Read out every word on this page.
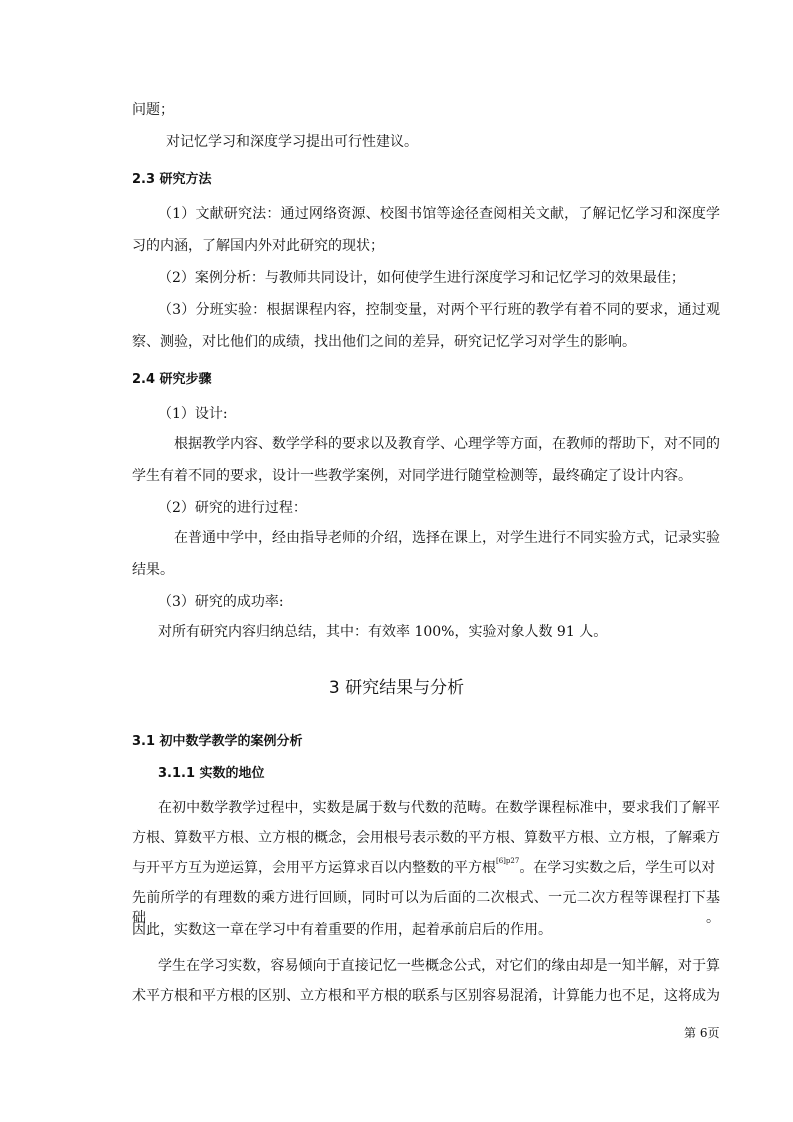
问题；
对记忆学习和深度学习提出可行性建议。
2.3 研究方法
（1）文献研究法：通过网络资源、校图书馆等途径查阅相关文献，了解记忆学习和深度学
习的内涵，了解国内外对此研究的现状；
（2）案例分析：与教师共同设计，如何使学生进行深度学习和记忆学习的效果最佳；
（3）分班实验：根据课程内容，控制变量，对两个平行班的教学有着不同的要求，通过观
察、测验，对比他们的成绩，找出他们之间的差异，研究记忆学习对学生的影响。
2.4 研究步骤
（1）设计:
根据教学内容、数学学科的要求以及教育学、心理学等方面，在教师的帮助下，对不同的
学生有着不同的要求，设计一些教学案例，对同学进行随堂检测等，最终确定了设计内容。
（2）研究的进行过程：
在普通中学中，经由指导老师的介绍，选择在课上，对学生进行不同实验方式，记录实验
结果。
（3）研究的成功率:
对所有研究内容归纳总结，其中：有效率 100%，实验对象人数 91 人。
3 研究结果与分析
3.1 初中数学教学的案例分析
3.1.1 实数的地位
在初中数学教学过程中，实数是属于数与代数的范畴。在数学课程标准中，要求我们了解平
方根、算数平方根、立方根的概念，会用根号表示数的平方根、算数平方根、立方根，了解乘方
与开平方互为逆运算，会用平方运算求百以内整数的平方根$^{[6]p27}$。在学习实数之后，学生可以对
先前所学的有理数的乘方进行回顾，同时可以为后面的二次根式、一元二次方程等课程打下基础。
因此，实数这一章在学习中有着重要的作用，起着承前启后的作用。
学生在学习实数，容易倾向于直接记忆一些概念公式，对它们的缘由却是一知半解，对于算
术平方根和平方根的区别、立方根和平方根的联系与区别容易混淆，计算能力也不足，这将成为
第 6页
